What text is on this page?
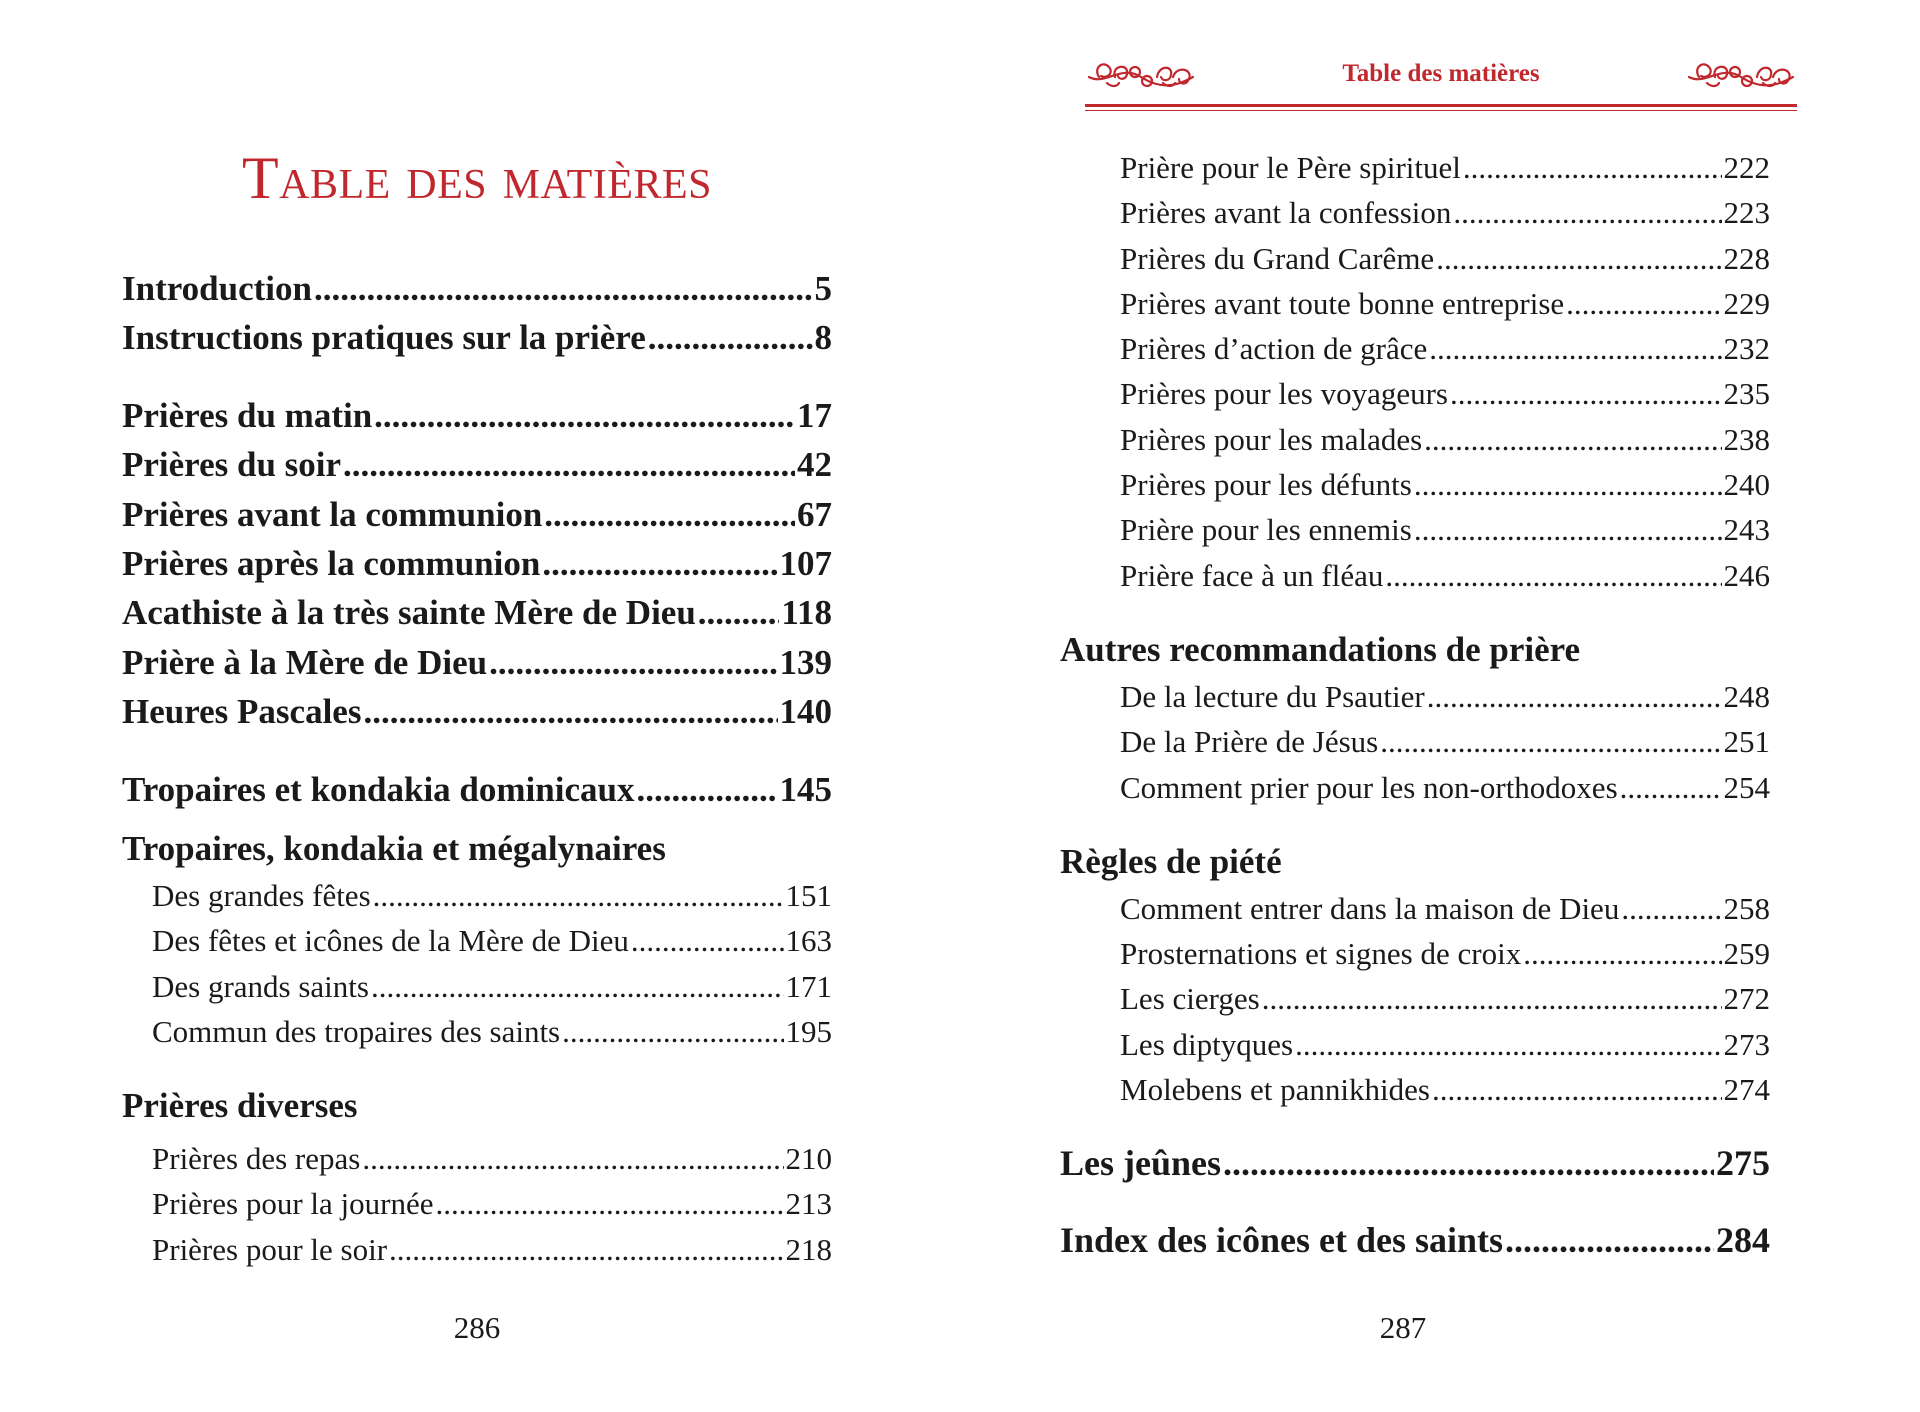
Table des matières
Introduction .....	5
Instructions pratiques sur la prière .....	8
Prières du matin .....	17
Prières du soir .....	42
Prières avant la communion .....	67
Prières après la communion .....	107
Acathiste à la très sainte Mère de Dieu ..... 118
Prière à la Mère de Dieu .....	139
Heures Pascales .....	140
Tropaires et kondakia dominicaux .....	145
Tropaires, kondakia et mégalynaires
Des grandes fêtes .....	151
Des fêtes et icônes de la Mère de Dieu .....	163
Des grands saints .....	171
Commun des tropaires des saints .....	195
Prières diverses
Prières des repas .....	210
Prières pour la journée .....	213
Prières pour le soir .....	218
286
Table des matières
Prière pour le Père spirituel .....	222
Prières avant la confession .....	223
Prières du Grand Carême .....	228
Prières avant toute bonne entreprise .....	229
Prières d’action de grâce .....	232
Prières pour les voyageurs .....	235
Prières pour les malades .....	238
Prières pour les défunts .....	240
Prière pour les ennemis .....	243
Prière face à un fléau .....	246
Autres recommandations de prière
De la lecture du Psautier .....	248
De la Prière de Jésus .....	251
Comment prier pour les non-orthodoxes .....	254
Règles de piété
Comment entrer dans la maison de Dieu .....	258
Prosternations et signes de croix .....	259
Les cierges .....	272
Les diptyques .....	273
Molebens et pannikhides .....	274
Les jeûnes .....	275
Index des icônes et des saints .....	284
287
